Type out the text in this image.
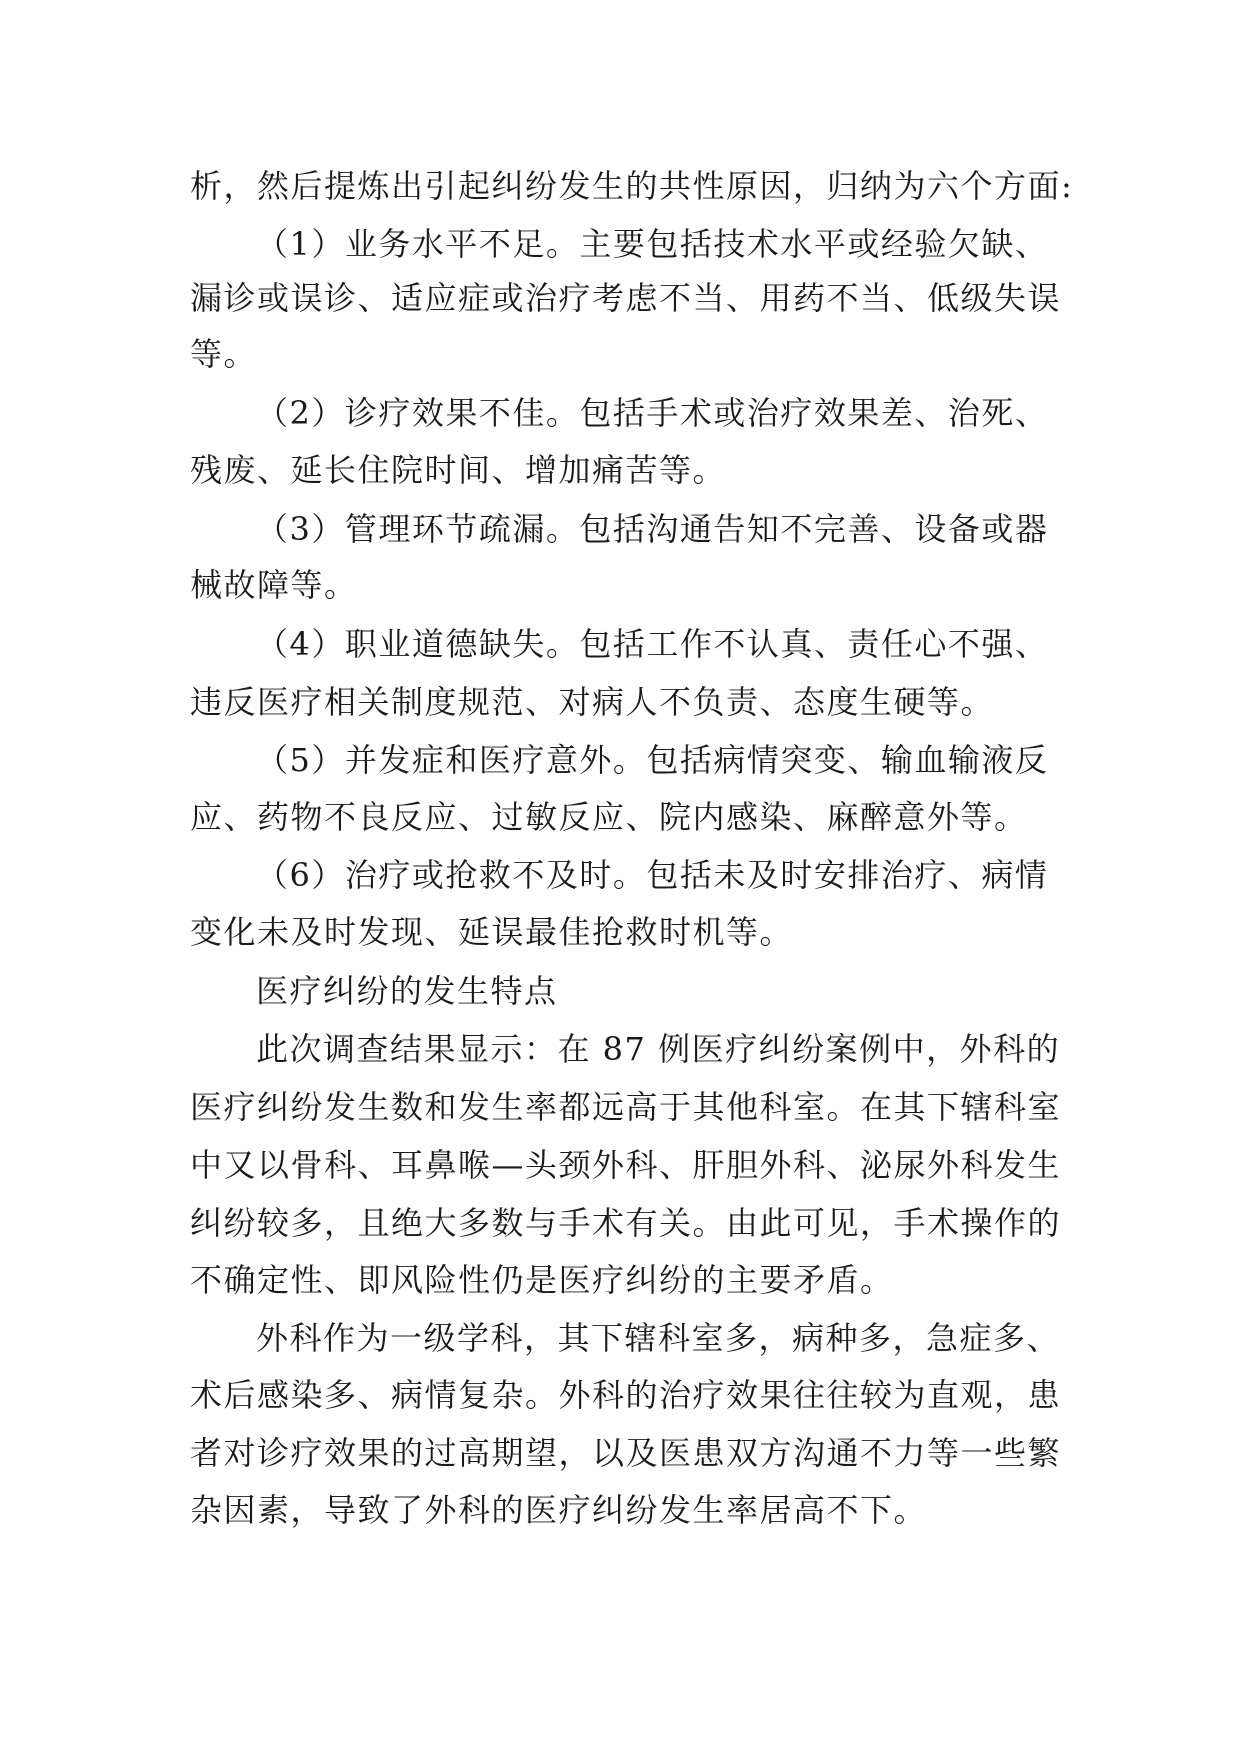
析，然后提炼出引起纠纷发生的共性原因，归纳为六个方面:
（1）业务水平不足。主要包括技术水平或经验欠缺、
漏诊或误诊、适应症或治疗考虑不当、用药不当、低级失误
等。
（2）诊疗效果不佳。包括手术或治疗效果差、治死、
残废、延长住院时间、增加痛苦等。
（3）管理环节疏漏。包括沟通告知不完善、设备或器
械故障等。
（4）职业道德缺失。包括工作不认真、责任心不强、
违反医疗相关制度规范、对病人不负责、态度生硬等。
（5）并发症和医疗意外。包括病情突变、输血输液反
应、药物不良反应、过敏反应、院内感染、麻醉意外等。
（6）治疗或抢救不及时。包括未及时安排治疗、病情
变化未及时发现、延误最佳抢救时机等。
医疗纠纷的发生特点
此次调查结果显示：在 87 例医疗纠纷案例中，外科的
医疗纠纷发生数和发生率都远高于其他科室。在其下辖科室
中又以骨科、耳鼻喉—头颈外科、肝胆外科、泌尿外科发生
纠纷较多，且绝大多数与手术有关。由此可见，手术操作的
不确定性、即风险性仍是医疗纠纷的主要矛盾。
外科作为一级学科，其下辖科室多，病种多，急症多、
术后感染多、病情复杂。外科的治疗效果往往较为直观，患
者对诊疗效果的过高期望，以及医患双方沟通不力等一些繁
杂因素，导致了外科的医疗纠纷发生率居高不下。
